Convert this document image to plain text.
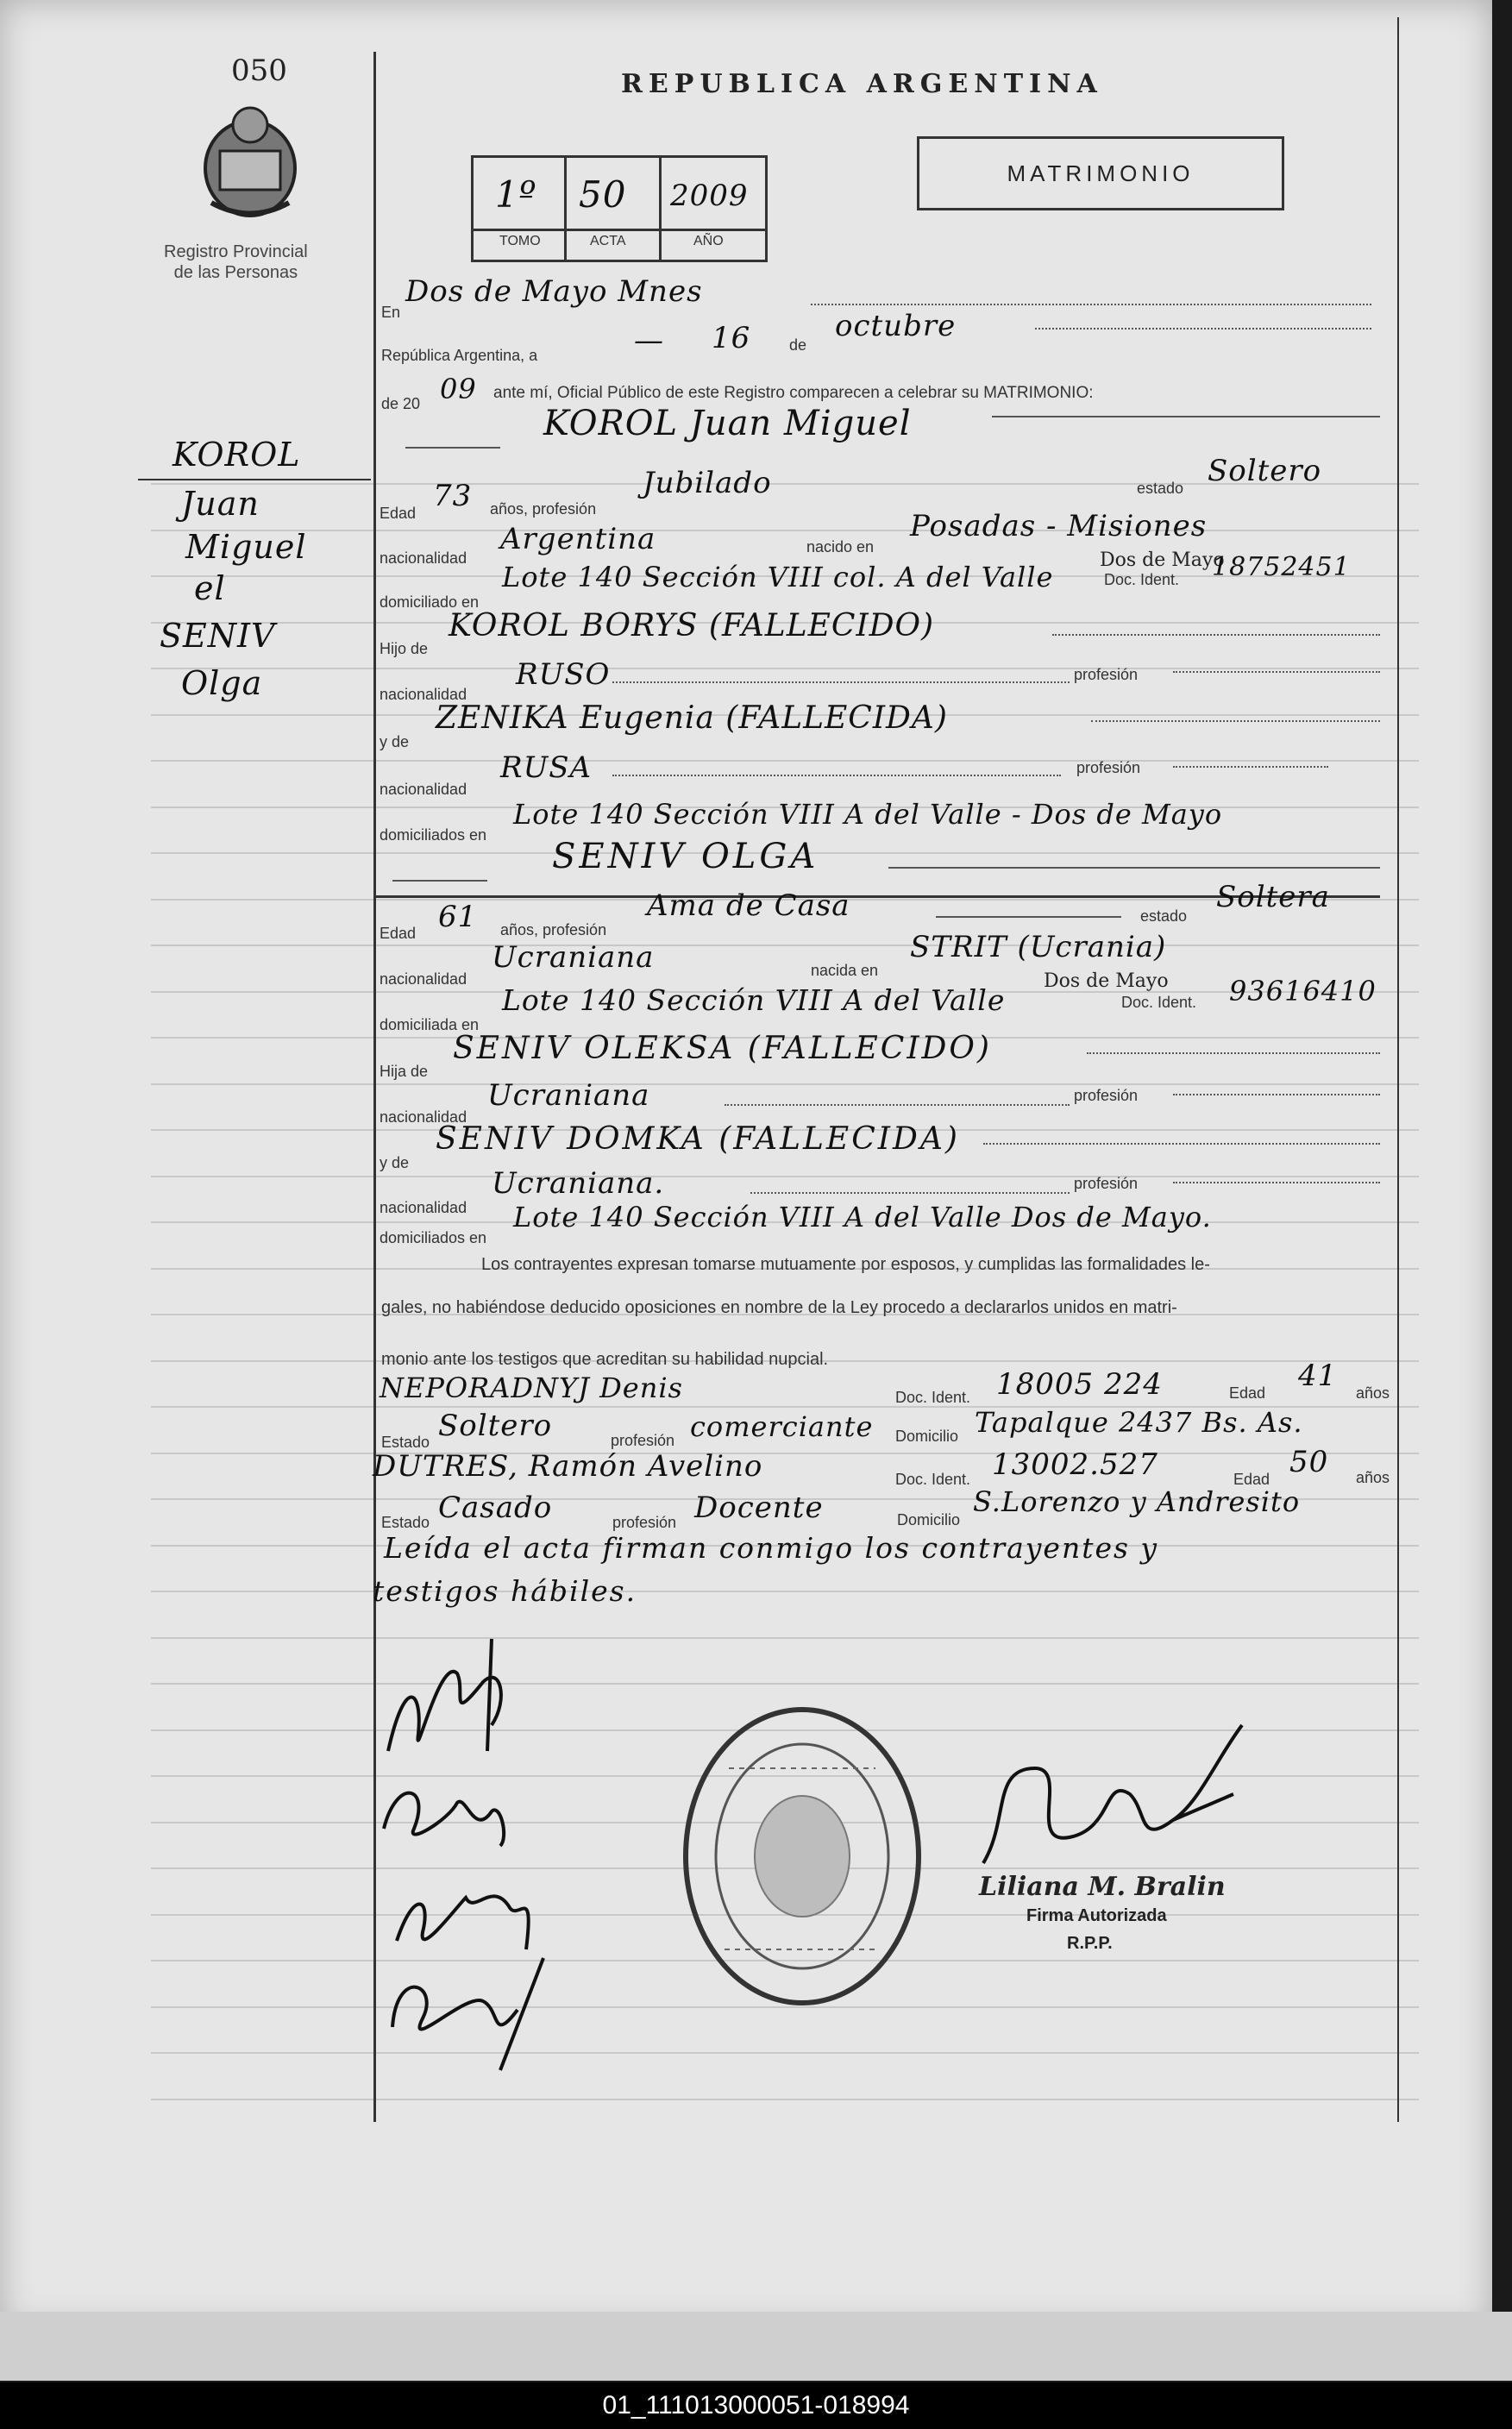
050
Registro Provincial
de las Personas
REPUBLICA ARGENTINA
MATRIMONIO
1º 50 2009
TOMO	ACTA	AÑO
KOROL
Juan
Miguel
el
SENIV
Olga
En
Dos de Mayo Mnes
República Argentina, a	— 16 de
octubre
de 20 09 ante mí, Oficial Público de este Registro comparecen a celebrar su MATRIMONIO:
KOROL Juan Miguel
Edad 73 años, profesión
Jubilado	estado Soltero
nacionalidad
Argentina	nacido en
Posadas - Misiones
domiciliado en
Lote 140 Sección VIII col. A del Valle
Dos de Mayo
Doc. Ident. 18752451
Hijo de
KOROL BORYS (FALLECIDO)
nacionalidad
RUSO	profesión
y de
ZENIKA Eugenia (FALLECIDA)
nacionalidad
RUSA	profesión
domiciliados en
Lote 140 Sección VIII A del Valle - Dos de Mayo
SENIV OLGA
Edad 61 años, profesión
Ama de Casa	estado
Soltera
nacionalidad
Ucraniana	nacida en
STRIT (Ucrania)
domiciliada en
Lote 140 Sección VIII A del Valle
Dos de Mayo
Doc. Ident. 93616410
Hija de
SENIV OLEKSA (FALLECIDO)
nacionalidad
Ucraniana	profesión
y de
SENIV DOMKA (FALLECIDA)
nacionalidad
Ucraniana.	profesión
domiciliados en
Lote 140 Sección VIII A del Valle Dos de Mayo.
Los contrayentes expresan tomarse mutuamente por esposos, y cumplidas las formalidades le-
gales, no habiéndose deducido oposiciones en nombre de la Ley procedo a declararlos unidos en matri-
monio ante los testigos que acreditan su habilidad nupcial.
NEPORADNYJ Denis	Doc. Ident. 18005 224	Edad 41 años
Estado Soltero	profesión comerciante Domicilio Tapalque 2437 Bs. As.
DUTRES, Ramón Avelino	Doc. Ident. 13002.527	Edad 50 años
Estado Casado	profesión Docente	Domicilio
S.Lorenzo y Andresito
Leída el acta firman conmigo los contrayentes y
testigos hábiles.
Liliana M. Bralin
Firma Autorizada
R.P.P.
01_111013000051-018994
